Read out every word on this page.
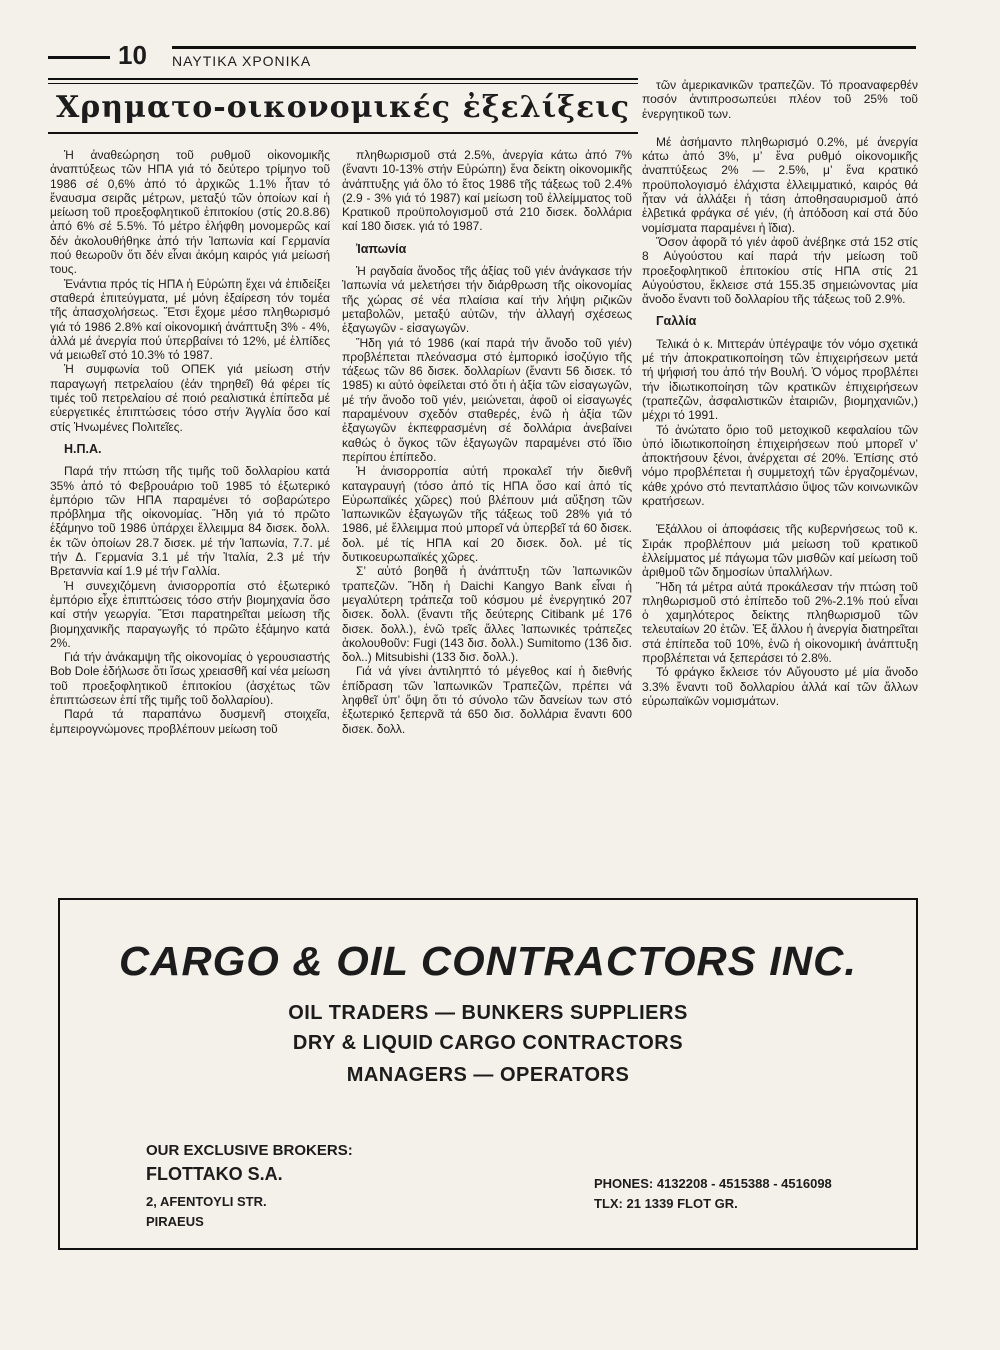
10 ΝΑΥΤΙΚΑ ΧΡΟΝΙΚΑ
Χρηματο-οικονομικές ἐξελίξεις

Ἡ ἀναθεώρηση τοῦ ρυθμοῦ οἰκονομικῆς ἀναπτύξεως τῶν ΗΠΑ γιά τό δεύτερο τρίμηνο τοῦ 1986 σέ 0,6% ἀπό τό ἀρχικῶς 1.1% ἦταν τό ἔναυσμα σειρᾶς μέτρων, μεταξύ τῶν ὁποίων καί ἡ μείωση τοῦ προεξοφλητικοῦ ἐπιτοκίου (στίς 20.8.86) ἀπό 6% σέ 5.5%. Τό μέτρο ἐλήφθη μονομερῶς καί δέν ἀκολουθήθηκε ἀπό τήν Ἰαπωνία καί Γερμανία πού θεωροῦν ὅτι δέν εἶναι ἀκόμη καιρός γιά μείωσή τους.

Ἐνάντια πρός τίς ΗΠΑ ἡ Εὐρώπη ἔχει νά ἐπιδείξει σταθερά ἐπιτεύγματα, μέ μόνη ἐξαίρεση τόν τομέα τῆς ἀπασχολήσεως. Ἔτσι ἔχομε μέσο πληθωρισμό γιά τό 1986 2.8% καί οἰκονομική ἀνάπτυξη 3% - 4%, ἀλλά μέ ἀνεργία πού ὑπερβαίνει τό 12%, μέ ἐλπίδες νά μειωθεῖ στό 10.3% τό 1987.

Ἡ συμφωνία τοῦ ΟΠΕΚ γιά μείωση στήν παραγωγή πετρελαίου (ἐάν τηρηθεῖ) θά φέρει τίς τιμές τοῦ πετρελαίου σέ ποιό ρεαλιστικά ἐπίπεδα μέ εὐεργετικές ἐπιπτώσεις τόσο στήν Ἀγγλία ὅσο καί στίς Ἡνωμένες Πολιτεῖες.

Η.Π.Α.

Παρά τήν πτώση τῆς τιμῆς τοῦ δολλαρίου κατά 35% ἀπό τό Φεβρουάριο τοῦ 1985 τό ἐξωτερικό ἐμπόριο τῶν ΗΠΑ παραμένει τό σοβαρώτερο πρόβλημα τῆς οἰκονομίας. Ἤδη γιά τό πρῶτο ἑξάμηνο τοῦ 1986 ὑπάρχει ἔλλειμμα 84 δισεκ. δολλ. ἐκ τῶν ὁποίων 28.7 δισεκ. μέ τήν Ἰαπωνία, 7.7. μέ τήν Δ. Γερμανία 3.1 μέ τήν Ἰταλία, 2.3 μέ τήν Βρεταννία καί 1.9 μέ τήν Γαλλία.

Ἡ συνεχιζόμενη ἀνισορροπία στό ἐξωτερικό ἐμπόριο εἶχε ἐπιπτώσεις τόσο στήν βιομηχανία ὅσο καί στήν γεωργία. Ἔτσι παρατηρεῖται μείωση τῆς βιομηχανικῆς παραγωγῆς τό πρῶτο ἑξάμηνο κατά 2%.

Γιά τήν ἀνάκαμψη τῆς οἰκονομίας ὁ γερουσιαστής Bob Dole ἐδήλωσε ὅτι ἴσως χρειασθῆ καί νέα μείωση τοῦ προεξοφλητικοῦ ἐπιτοκίου (ἀσχέτως τῶν ἐπιπτώσεων ἐπί τῆς τιμῆς τοῦ δολλαρίου).

Παρά τά παραπάνω δυσμενῆ στοιχεῖα, ἐμπειρογνώμονες προβλέπουν μείωση τοῦ

πληθωρισμοῦ στά 2.5%, ἀνεργία κάτω ἀπό 7% (ἔναντι 10-13% στήν Εὐρώπη) ἕνα δείκτη οἰκονομικῆς ἀνάπτυξης γιά ὅλο τό ἔτος 1986 τῆς τάξεως τοῦ 2.4% (2.9 - 3% γιά τό 1987) καί μείωση τοῦ ἐλλείμματος τοῦ Κρατικοῦ προϋπολογισμοῦ στά 210 δισεκ. δολλάρια καί 180 δισεκ. γιά τό 1987.

Ἰαπωνία

Ἡ ραγδαία ἄνοδος τῆς ἀξίας τοῦ γιέν ἀνάγκασε τήν Ἰαπωνία νά μελετήσει τήν διάρθρωση τῆς οἰκονομίας τῆς χώρας σέ νέα πλαίσια καί τήν λήψη ριζικῶν μεταβολῶν, μεταξύ αὐτῶν, τήν ἀλλαγή σχέσεως ἐξαγωγῶν - εἰσαγωγῶν.

Ἤδη γιά τό 1986 (καί παρά τήν ἄνοδο τοῦ γιέν) προβλέπεται πλεόνασμα στό ἐμπορικό ἰσοζύγιο τῆς τάξεως τῶν 86 δισεκ. δολλαρίων (ἔναντι 56 δισεκ. τό 1985) κι αὐτό ὀφείλεται στό ὅτι ἡ ἀξία τῶν εἰσαγωγῶν, μέ τήν ἄνοδο τοῦ γιέν, μειώνεται, ἀφοῦ οἱ εἰσαγωγές παραμένουν σχεδόν σταθερές, ἐνῶ ἡ ἀξία τῶν ἐξαγωγῶν ἐκπεφρασμένη σέ δολλάρια ἀνεβαίνει καθώς ὁ ὄγκος τῶν ἐξαγωγῶν παραμένει στό ἴδιο περίπου ἐπίπεδο.

Ἡ ἀνισορροπία αὐτή προκαλεῖ τήν διεθνῆ καταγραυγή (τόσο ἀπό τίς ΗΠΑ ὅσο καί ἀπό τίς Εὐρωπαϊκές χῶρες) πού βλέπουν μιά αὔξηση τῶν Ἰαπωνικῶν ἐξαγωγῶν τῆς τάξεως τοῦ 28% γιά τό 1986, μέ ἔλλειμμα πού μπορεῖ νά ὑπερβεῖ τά 60 δισεκ. δολ. μέ τίς ΗΠΑ καί 20 δισεκ. δολ. μέ τίς δυτικοευρωπαϊκές χῶρες.

Σ’ αὐτό βοηθᾶ ἡ ἀνάπτυξη τῶν Ἰαπωνικῶν τραπεζῶν. Ἤδη ἡ Daichi Kangyo Bank εἶναι ἡ μεγαλύτερη τράπεζα τοῦ κόσμου μέ ἐνεργητικό 207 δισεκ. δολλ. (ἔναντι τῆς δεύτερης Citibank μέ 176 δισεκ. δολλ.), ἐνῶ τρεῖς ἄλλες Ἰαπωνικές τράπεζες ἀκολουθοῦν: Fugi (143 δισ. δολλ.) Sumitomo (136 δισ. δολ..) Mitsubishi (133 δισ. δολλ.).

Γιά νά γίνει ἀντιληπτό τό μέγεθος καί ἡ διεθνής ἐπίδραση τῶν Ἰαπωνικῶν Τραπεζῶν, πρέπει νά ληφθεῖ ὑπ’ ὄψη ὅτι τό σύνολο τῶν δανείων των στό ἐξωτερικό ξεπερνᾶ τά 650 δισ. δολλάρια ἔναντι 600 δισεκ. δολλ.

τῶν ἀμερικανικῶν τραπεζῶν. Τό προαναφερθέν ποσόν ἀντιπροσωπεύει πλέον τοῦ 25% τοῦ ἐνεργητικοῦ των.

Μέ ἀσήμαντο πληθωρισμό 0.2%, μέ ἀνεργία κάτω ἀπό 3%, μ’ ἕνα ρυθμό οἰκονομικῆς ἀναπτύξεως 2% — 2.5%, μ’ ἕνα κρατικό προϋπολογισμό ἐλάχιστα ἐλλειμματικό, καιρός θά ἦταν νά ἀλλάξει ἡ τάση ἀποθησαυρισμοῦ ἀπό ἑλβετικά φράγκα σέ γιέν, (ἡ ἀπόδοση καί στά δύο νομίσματα παραμένει ἡ ἴδια).

Ὅσον ἀφορᾶ τό γιέν ἀφοῦ ἀνέβηκε στά 152 στίς 8 Αὐγούστου καί παρά τήν μείωση τοῦ προεξοφλητικοῦ ἐπιτοκίου στίς ΗΠΑ στίς 21 Αὐγούστου, ἔκλεισε στά 155.35 σημειώνοντας μία ἄνοδο ἔναντι τοῦ δολλαρίου τῆς τάξεως τοῦ 2.9%.

Γαλλία

Τελικά ὁ κ. Μιττεράν ὑπέγραψε τόν νόμο σχετικά μέ τήν ἀποκρατικοποίηση τῶν ἐπιχειρήσεων μετά τή ψήφισή του ἀπό τήν Βουλή. Ὁ νόμος προβλέπει τήν ἰδιωτικοποίηση τῶν κρατικῶν ἐπιχειρήσεων (τραπεζῶν, ἀσφαλιστικῶν ἑταιριῶν, βιομηχανιῶν,) μέχρι τό 1991.

Τό ἀνώτατο ὅριο τοῦ μετοχικοῦ κεφαλαίου τῶν ὑπό ἰδιωτικοποίηση ἐπιχειρήσεων πού μπορεῖ ν’ ἀποκτήσουν ξένοι, ἀνέρχεται σέ 20%. Ἐπίσης στό νόμο προβλέπεται ἡ συμμετοχή τῶν ἐργαζομένων, κάθε χρόνο στό πενταπλάσιο ὕψος τῶν κοινωνικῶν κρατήσεων.

Ἐξάλλου οἱ ἀποφάσεις τῆς κυβερνήσεως τοῦ κ. Σιράκ προβλέπουν μιά μείωση τοῦ κρατικοῦ ἐλλείμματος μέ πάγωμα τῶν μισθῶν καί μείωση τοῦ ἀριθμοῦ τῶν δημοσίων ὑπαλλήλων.

Ἤδη τά μέτρα αὐτά προκάλεσαν τήν πτώση τοῦ πληθωρισμοῦ στό ἐπίπεδο τοῦ 2%-2.1% πού εἶναι ὁ χαμηλότερος δείκτης πληθωρισμοῦ τῶν τελευταίων 20 ἐτῶν. Ἐξ ἄλλου ἡ ἀνεργία διατηρεῖται στά ἐπίπεδα τοῦ 10%, ἐνῶ ἡ οἰκονομική ἀνάπτυξη προβλέπεται νά ξεπεράσει τό 2.8%.

Τό φράγκο ἔκλεισε τόν Αὔγουστο μέ μία ἄνοδο 3.3% ἔναντι τοῦ δολλαρίου ἀλλά καί τῶν ἄλλων εὐρωπαϊκῶν νομισμάτων.

CARGO & OIL CONTRACTORS INC.
OIL TRADERS — BUNKERS SUPPLIERS
DRY & LIQUID CARGO CONTRACTORS
MANAGERS — OPERATORS
OUR EXCLUSIVE BROKERS:
FLOTTAKO S.A.
2, AFENTOYLI STR.
PIRAEUS
PHONES: 4132208 - 4515388 - 4516098
TLX: 21 1339 FLOT GR.
